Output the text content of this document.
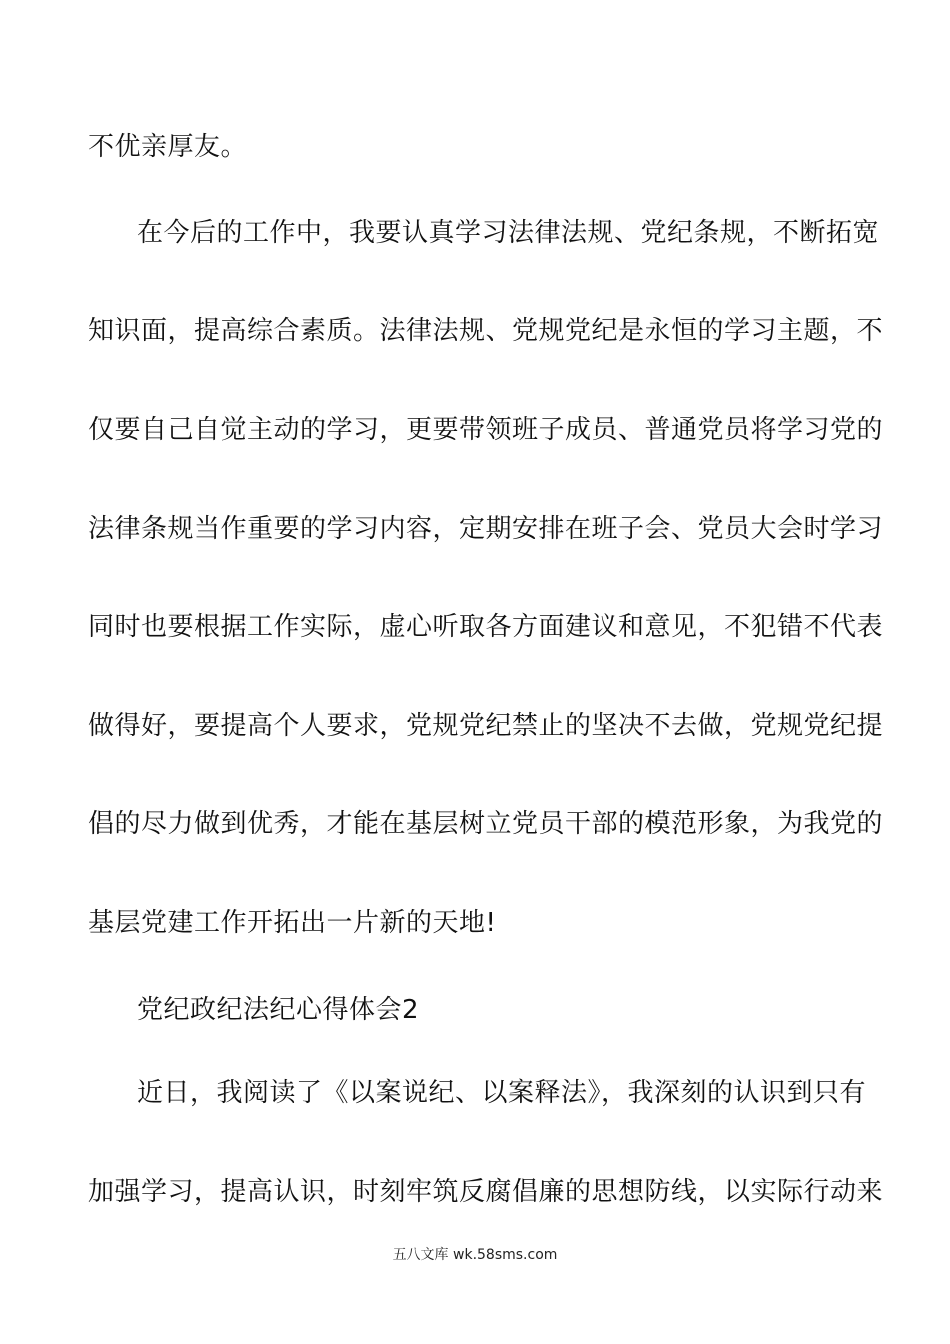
不优亲厚友。
在今后的工作中，我要认真学习法律法规、党纪条规，不断拓宽
知识面，提高综合素质。法律法规、党规党纪是永恒的学习主题，不
仅要自己自觉主动的学习，更要带领班子成员、普通党员将学习党的
法律条规当作重要的学习内容，定期安排在班子会、党员大会时学习
同时也要根据工作实际，虚心听取各方面建议和意见，不犯错不代表
做得好，要提高个人要求，党规党纪禁止的坚决不去做，党规党纪提
倡的尽力做到优秀，才能在基层树立党员干部的模范形象，为我党的
基层党建工作开拓出一片新的天地!
党纪政纪法纪心得体会2
近日，我阅读了《以案说纪、以案释法》，我深刻的认识到只有
加强学习，提高认识，时刻牢筑反腐倡廉的思想防线，以实际行动来
五八文库 wk.58sms.com
